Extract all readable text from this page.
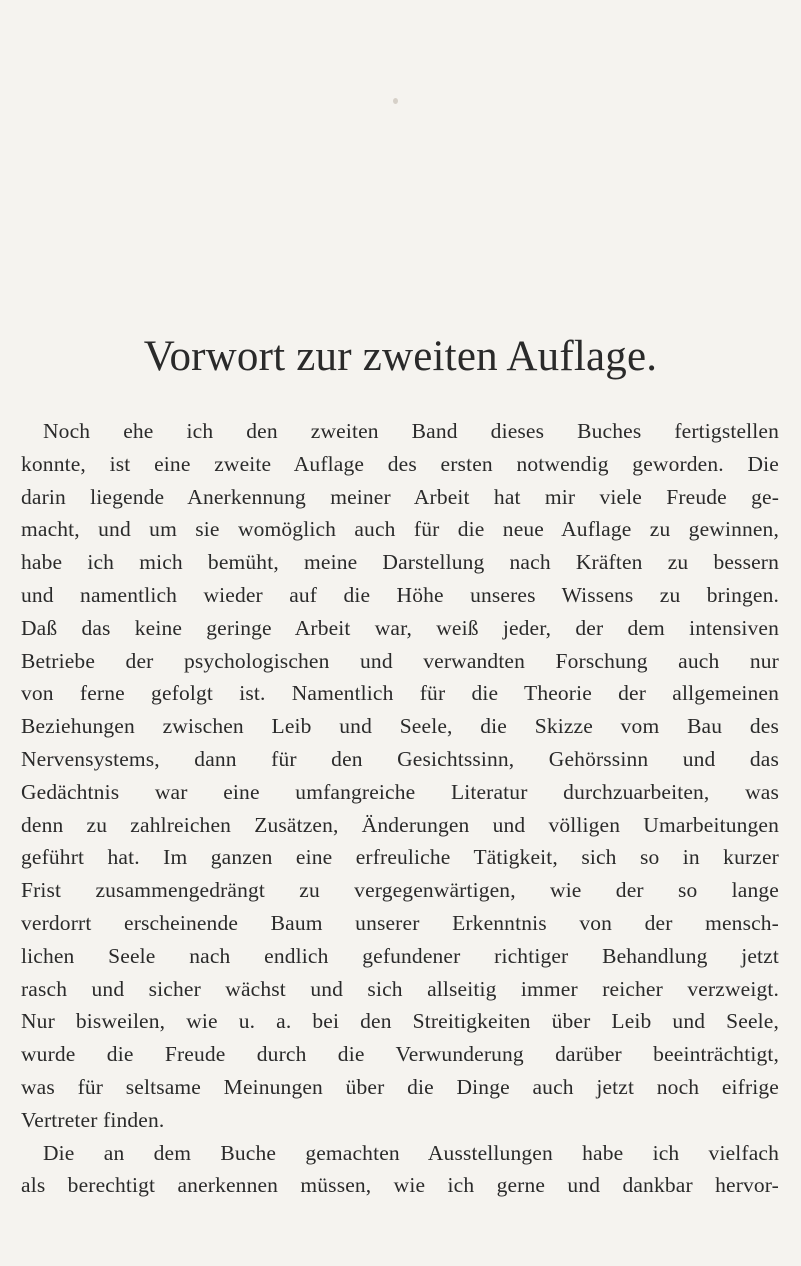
Vorwort zur zweiten Auflage.
Noch ehe ich den zweiten Band dieses Buches fertigstellen
konnte, ist eine zweite Auflage des ersten notwendig geworden. Die
darin liegende Anerkennung meiner Arbeit hat mir viele Freude ge-
macht, und um sie womöglich auch für die neue Auflage zu gewinnen,
habe ich mich bemüht, meine Darstellung nach Kräften zu bessern
und namentlich wieder auf die Höhe unseres Wissens zu bringen.
Daß das keine geringe Arbeit war, weiß jeder, der dem intensiven
Betriebe der psychologischen und verwandten Forschung auch nur
von ferne gefolgt ist. Namentlich für die Theorie der allgemeinen
Beziehungen zwischen Leib und Seele, die Skizze vom Bau des
Nervensystems, dann für den Gesichtssinn, Gehörssinn und das
Gedächtnis war eine umfangreiche Literatur durchzuarbeiten, was
denn zu zahlreichen Zusätzen, Änderungen und völligen Umarbeitungen
geführt hat. Im ganzen eine erfreuliche Tätigkeit, sich so in kurzer
Frist zusammengedrängt zu vergegenwärtigen, wie der so lange
verdorrt erscheinende Baum unserer Erkenntnis von der mensch-
lichen Seele nach endlich gefundener richtiger Behandlung jetzt
rasch und sicher wächst und sich allseitig immer reicher verzweigt.
Nur bisweilen, wie u. a. bei den Streitigkeiten über Leib und Seele,
wurde die Freude durch die Verwunderung darüber beeinträchtigt,
was für seltsame Meinungen über die Dinge auch jetzt noch eifrige
Vertreter finden.
Die an dem Buche gemachten Ausstellungen habe ich vielfach
als berechtigt anerkennen müssen, wie ich gerne und dankbar hervor-
